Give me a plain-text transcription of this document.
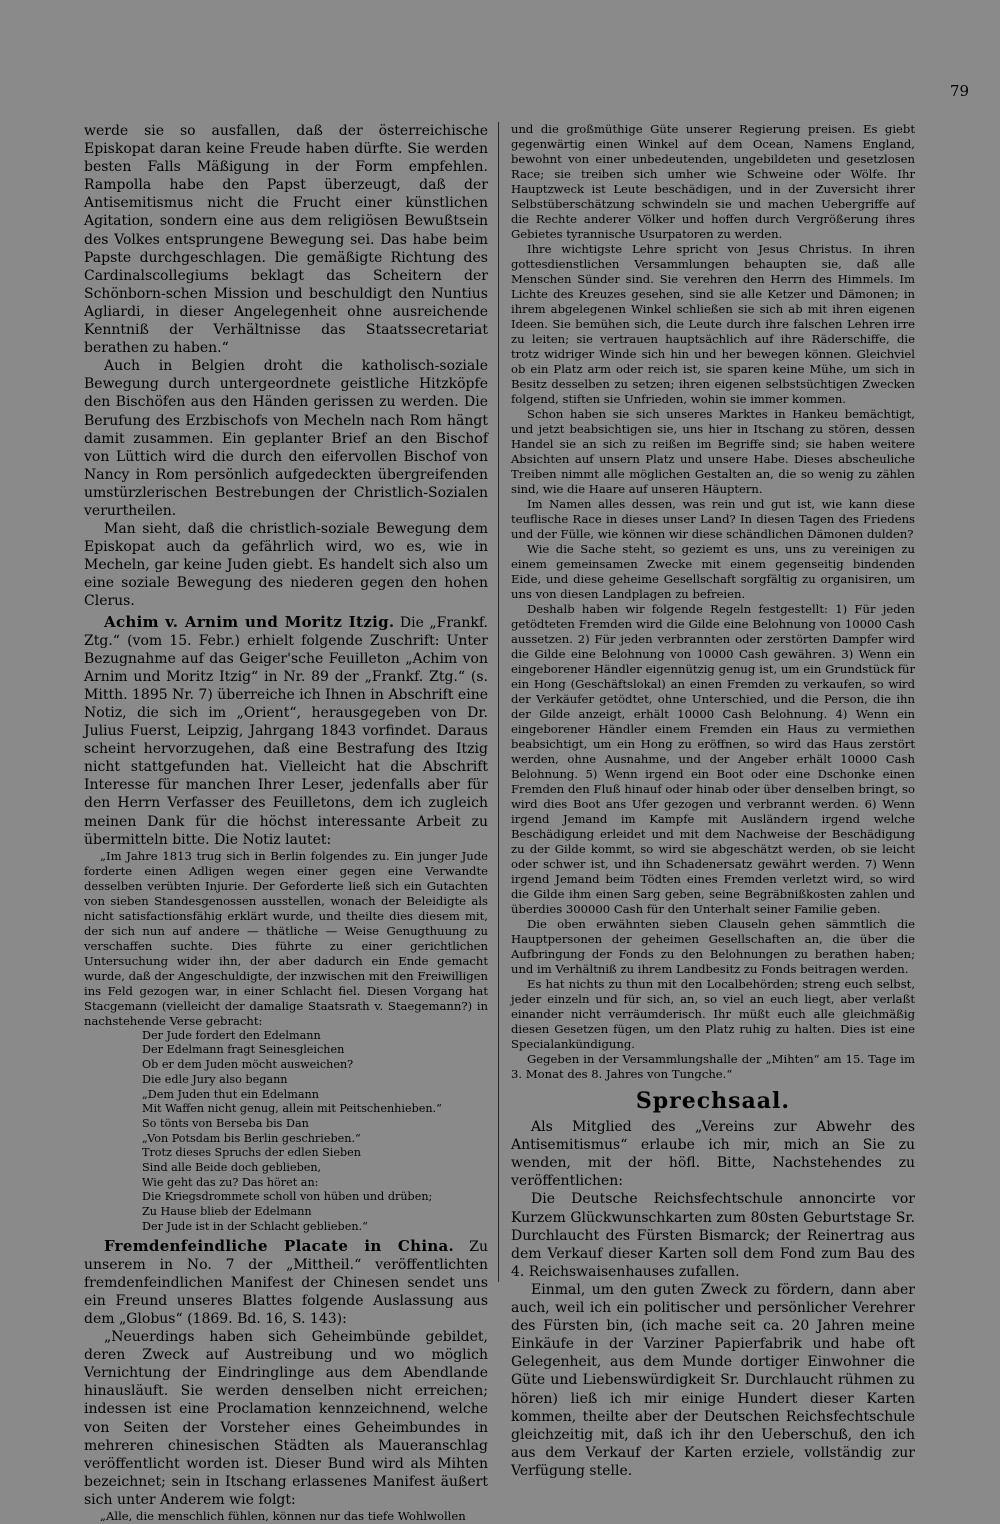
79

werde sie so ausfallen, daß der österreichische Episkopat daran keine Freude haben dürfte. Sie werden besten Falls Mäßigung in der Form empfehlen. Rampolla habe den Papst überzeugt, daß der Antisemitismus nicht die Frucht einer künstlichen Agitation, sondern eine aus dem religiösen Bewußtsein des Volkes entsprungene Bewegung sei. Das habe beim Papste durchgeschlagen. Die gemäßigte Richtung des Cardinalscollegiums beklagt das Scheitern der Schönborn-schen Mission und beschuldigt den Nuntius Agliardi, in dieser Angelegenheit ohne ausreichende Kenntniß der Verhältnisse das Staatssecretariat berathen zu haben.“

Auch in Belgien droht die katholisch-soziale Bewegung durch untergeordnete geistliche Hitzköpfe den Bischöfen aus den Händen gerissen zu werden. Die Berufung des Erzbischofs von Mecheln nach Rom hängt damit zusammen. Ein geplanter Brief an den Bischof von Lüttich wird die durch den eifervollen Bischof von Nancy in Rom persönlich aufgedeckten übergreifenden umstürzlerischen Bestrebungen der Christlich-Sozialen verurtheilen.

Man sieht, daß die christlich-soziale Bewegung dem Episkopat auch da gefährlich wird, wo es, wie in Mecheln, gar keine Juden giebt. Es handelt sich also um eine soziale Bewegung des niederen gegen den hohen Clerus.

Achim v. Arnim und Moritz Itzig. Die „Frankf. Ztg.“ (vom 15. Febr.) erhielt folgende Zuschrift: Unter Bezugnahme auf das Geiger'sche Feuilleton „Achim von Arnim und Moritz Itzig“ in Nr. 89 der „Frankf. Ztg.“ (s. Mitth. 1895 Nr. 7) überreiche ich Ihnen in Abschrift eine Notiz, die sich im „Orient“, herausgegeben von Dr. Julius Fuerst, Leipzig, Jahrgang 1843 vorfindet. Daraus scheint hervorzugehen, daß eine Bestrafung des Itzig nicht stattgefunden hat. Vielleicht hat die Abschrift Interesse für manchen Ihrer Leser, jedenfalls aber für den Herrn Verfasser des Feuilletons, dem ich zugleich meinen Dank für die höchst interessante Arbeit zu übermitteln bitte. Die Notiz lautet:

„Im Jahre 1813 trug sich in Berlin folgendes zu. Ein junger Jude forderte einen Adligen wegen einer gegen eine Verwandte desselben verübten Injurie. Der Geforderte ließ sich ein Gutachten von sieben Standesgenossen ausstellen, wonach der Beleidigte als nicht satisfactionsfähig erklärt wurde, und theilte dies diesem mit, der sich nun auf andere — thätliche — Weise Genugthuung zu verschaffen suchte. Dies führte zu einer gerichtlichen Untersuchung wider ihn, der aber dadurch ein Ende gemacht wurde, daß der Angeschuldigte, der inzwischen mit den Freiwilligen ins Feld gezogen war, in einer Schlacht fiel. Diesen Vorgang hat Stacgemann (vielleicht der damalige Staatsrath v. Staegemann?) in nachstehende Verse gebracht:

Der Jude fordert den Edelmann
Der Edelmann fragt Seinesgleichen
Ob er dem Juden möcht ausweichen?
Die edle Jury also begann
„Dem Juden thut ein Edelmann
Mit Waffen nicht genug, allein mit Peitschenhieben.“
So tönts von Berseba bis Dan
„Von Potsdam bis Berlin geschrieben.“
Trotz dieses Spruchs der edlen Sieben
Sind alle Beide doch geblieben,
Wie geht das zu? Das höret an:
Die Kriegsdrommete scholl von hüben und drüben;
Zu Hause blieb der Edelmann
Der Jude ist in der Schlacht geblieben.“

Fremdenfeindliche Placate in China. Zu unserem in No. 7 der „Mittheil.“ veröffentlichten fremdenfeindlichen Manifest der Chinesen sendet uns ein Freund unseres Blattes folgende Auslassung aus dem „Globus“ (1869. Bd. 16, S. 143):

„Neuerdings haben sich Geheimbünde gebildet, deren Zweck auf Austreibung und wo möglich Vernichtung der Eindringlinge aus dem Abendlande hinausläuft. Sie werden denselben nicht erreichen; indessen ist eine Proclamation kennzeichnend, welche von Seiten der Vorsteher eines Geheimbundes in mehreren chinesischen Städten als Maueranschlag veröffentlicht worden ist. Dieser Bund wird als Mihten bezeichnet; sein in Itschang erlassenes Manifest äußert sich unter Anderem wie folgt:

„Alle, die menschlich fühlen, können nur das tiefe Wohlwollen

und die großmüthige Güte unserer Regierung preisen. Es giebt gegenwärtig einen Winkel auf dem Ocean, Namens England, bewohnt von einer unbedeutenden, ungebildeten und gesetzlosen Race; sie treiben sich umher wie Schweine oder Wölfe. Ihr Hauptzweck ist Leute beschädigen, und in der Zuversicht ihrer Selbstüberschätzung schwindeln sie und machen Uebergriffe auf die Rechte anderer Völker und hoffen durch Vergrößerung ihres Gebietes tyrannische Usurpatoren zu werden.

Ihre wichtigste Lehre spricht von Jesus Christus. In ihren gottesdienstlichen Versammlungen behaupten sie, daß alle Menschen Sünder sind. Sie verehren den Herrn des Himmels. Im Lichte des Kreuzes gesehen, sind sie alle Ketzer und Dämonen; in ihrem abgelegenen Winkel schließen sie sich ab mit ihren eigenen Ideen. Sie bemühen sich, die Leute durch ihre falschen Lehren irre zu leiten; sie vertrauen hauptsächlich auf ihre Räderschiffe, die trotz widriger Winde sich hin und her bewegen können. Gleichviel ob ein Platz arm oder reich ist, sie sparen keine Mühe, um sich in Besitz desselben zu setzen; ihren eigenen selbstsüchtigen Zwecken folgend, stiften sie Unfrieden, wohin sie immer kommen.

Schon haben sie sich unseres Marktes in Hankeu bemächtigt, und jetzt beabsichtigen sie, uns hier in Itschang zu stören, dessen Handel sie an sich zu reißen im Begriffe sind; sie haben weitere Absichten auf unsern Platz und unsere Habe. Dieses abscheuliche Treiben nimmt alle möglichen Gestalten an, die so wenig zu zählen sind, wie die Haare auf unseren Häuptern.

Im Namen alles dessen, was rein und gut ist, wie kann diese teuflische Race in dieses unser Land? In diesen Tagen des Friedens und der Fülle, wie können wir diese schändlichen Dämonen dulden?

Wie die Sache steht, so geziemt es uns, uns zu vereinigen zu einem gemeinsamen Zwecke mit einem gegenseitig bindenden Eide, und diese geheime Gesellschaft sorgfältig zu organisiren, um uns von diesen Landplagen zu befreien.

Deshalb haben wir folgende Regeln festgestellt: 1) Für jeden getödteten Fremden wird die Gilde eine Belohnung von 10000 Cash aussetzen. 2) Für jeden verbrannten oder zerstörten Dampfer wird die Gilde eine Belohnung von 10000 Cash gewähren. 3) Wenn ein eingeborener Händler eigennützig genug ist, um ein Grundstück für ein Hong (Geschäftslokal) an einen Fremden zu verkaufen, so wird der Verkäufer getödtet, ohne Unterschied, und die Person, die ihn der Gilde anzeigt, erhält 10000 Cash Belohnung. 4) Wenn ein eingeborener Händler einem Fremden ein Haus zu vermiethen beabsichtigt, um ein Hong zu eröffnen, so wird das Haus zerstört werden, ohne Ausnahme, und der Angeber erhält 10000 Cash Belohnung. 5) Wenn irgend ein Boot oder eine Dschonke einen Fremden den Fluß hinauf oder hinab oder über denselben bringt, so wird dies Boot ans Ufer gezogen und verbrannt werden. 6) Wenn irgend Jemand im Kampfe mit Ausländern irgend welche Beschädigung erleidet und mit dem Nachweise der Beschädigung zu der Gilde kommt, so wird sie abgeschätzt werden, ob sie leicht oder schwer ist, und ihn Schadenersatz gewährt werden. 7) Wenn irgend Jemand beim Tödten eines Fremden verletzt wird, so wird die Gilde ihm einen Sarg geben, seine Begräbnißkosten zahlen und überdies 300000 Cash für den Unterhalt seiner Familie geben.

Die oben erwähnten sieben Clauseln gehen sämmtlich die Hauptpersonen der geheimen Gesellschaften an, die über die Aufbringung der Fonds zu den Belohnungen zu berathen haben; und im Verhältniß zu ihrem Landbesitz zu Fonds beitragen werden.

Es hat nichts zu thun mit den Localbehörden; streng euch selbst, jeder einzeln und für sich, an, so viel an euch liegt, aber verlaßt einander nicht verräumderisch. Ihr müßt euch alle gleichmäßig diesen Gesetzen fügen, um den Platz ruhig zu halten. Dies ist eine Specialankündigung.

Gegeben in der Versammlungshalle der „Mihten“ am 15. Tage im 3. Monat des 8. Jahres von Tungche.“

Sprechsaal.

Als Mitglied des „Vereins zur Abwehr des Antisemitismus“ erlaube ich mir, mich an Sie zu wenden, mit der höfl. Bitte, Nachstehendes zu veröffentlichen:

Die Deutsche Reichsfechtschule annoncirte vor Kurzem Glückwunschkarten zum 80sten Geburtstage Sr. Durchlaucht des Fürsten Bismarck; der Reinertrag aus dem Verkauf dieser Karten soll dem Fond zum Bau des 4. Reichswaisenhauses zufallen.

Einmal, um den guten Zweck zu fördern, dann aber auch, weil ich ein politischer und persönlicher Verehrer des Fürsten bin, (ich mache seit ca. 20 Jahren meine Einkäufe in der Varziner Papierfabrik und habe oft Gelegenheit, aus dem Munde dortiger Einwohner die Güte und Liebenswürdigkeit Sr. Durchlaucht rühmen zu hören) ließ ich mir einige Hundert dieser Karten kommen, theilte aber der Deutschen Reichsfechtschule gleichzeitig mit, daß ich ihr den Ueberschuß, den ich aus dem Verkauf der Karten erziele, vollständig zur Verfügung stelle.
